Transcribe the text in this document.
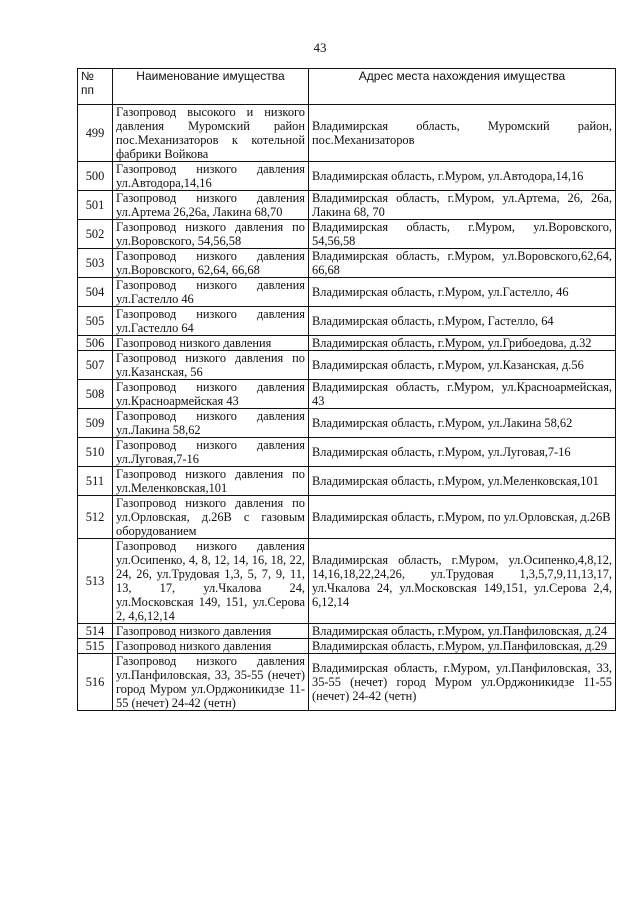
43
№ пп	Наименование имущества	Адрес места нахождения имущества
499	Газопровод высокого и низкого давления Муромский район пос.Механизаторов к котельной фабрики Войкова	Владимирская область, Муромский район, пос.Механизаторов
500	Газопровод низкого давления ул.Автодора,14,16	Владимирская область, г.Муром, ул.Автодора,14,16
501	Газопровод низкого давления ул.Артема 26,26а, Лакина 68,70	Владимирская область, г.Муром, ул.Артема, 26, 26а, Лакина 68, 70
502	Газопровод низкого давления по ул.Воровского, 54,56,58	Владимирская область, г.Муром, ул.Воровского, 54,56,58
503	Газопровод низкого давления ул.Воровского, 62,64, 66,68	Владимирская область, г.Муром, ул.Воровского,62,64, 66,68
504	Газопровод низкого давления ул.Гастелло 46	Владимирская область, г.Муром, ул.Гастелло, 46
505	Газопровод низкого давления ул.Гастелло 64	Владимирская область, г.Муром, Гастелло, 64
506	Газопровод низкого давления	Владимирская область, г.Муром, ул.Грибоедова, д.32
507	Газопровод низкого давления по ул.Казанская, 56	Владимирская область, г.Муром, ул.Казанская, д.56
508	Газопровод низкого давления ул.Красноармейская 43	Владимирская область, г.Муром, ул.Красноармейская, 43
509	Газопровод низкого давления ул.Лакина 58,62	Владимирская область, г.Муром, ул.Лакина 58,62
510	Газопровод низкого давления ул.Луговая,7-16	Владимирская область, г.Муром, ул.Луговая,7-16
511	Газопровод низкого давления по ул.Меленковская,101	Владимирская область, г.Муром, ул.Меленковская,101
512	Газопровод низкого давления по ул.Орловская, д.26В с газовым оборудованием	Владимирская область, г.Муром, по ул.Орловская, д.26В
513	Газопровод низкого давления ул.Осипенко, 4, 8, 12, 14, 16, 18, 22, 24, 26, ул.Трудовая 1,3, 5, 7, 9, 11, 13, 17, ул.Чкалова 24, ул.Московская 149, 151, ул.Серова 2, 4,6,12,14	Владимирская область, г.Муром, ул.Осипенко,4,8,12, 14,16,18,22,24,26, ул.Трудовая 1,3,5,7,9,11,13,17, ул.Чкалова 24, ул.Московская 149,151, ул.Серова 2,4, 6,12,14
514	Газопровод низкого давления	Владимирская область, г.Муром, ул.Панфиловская, д.24
515	Газопровод низкого давления	Владимирская область, г.Муром, ул.Панфиловская, д.29
516	Газопровод низкого давления ул.Панфиловская, 33, 35-55 (нечет) город Муром ул.Орджоникидзе 11-55 (нечет) 24-42 (четн)	Владимирская область, г.Муром, ул.Панфиловская, 33, 35-55 (нечет) город Муром ул.Орджоникидзе 11-55 (нечет) 24-42 (четн)
